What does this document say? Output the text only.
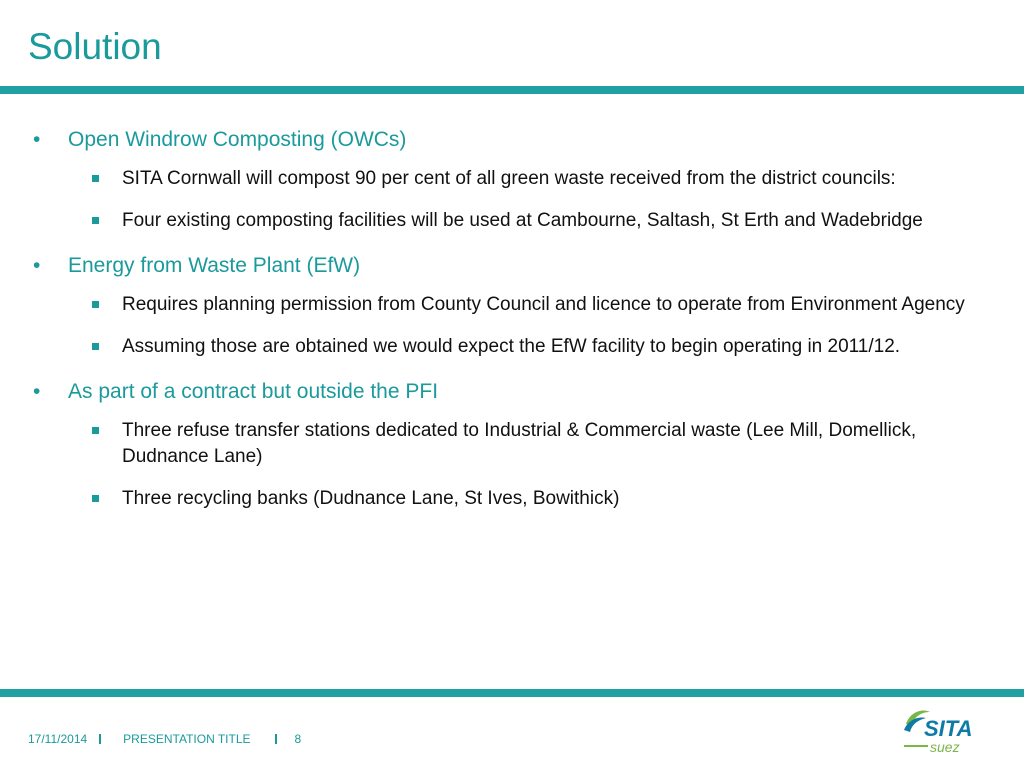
Solution
• Open Windrow Composting (OWCs)
SITA Cornwall will compost 90 per cent of all green waste received from the district councils:
Four existing composting facilities will be used at Cambourne, Saltash, St Erth and Wadebridge
• Energy from Waste Plant (EfW)
Requires planning permission from County Council and licence to operate from Environment Agency
Assuming those are obtained we would expect the EfW facility to begin operating in 2011/12.
• As part of a contract but outside the PFI
Three refuse transfer stations dedicated to Industrial & Commercial waste (Lee Mill, Domellick, Dudnance Lane)
Three recycling banks (Dudnance Lane, St Ives, Bowithick)
17/11/2014	PRESENTATION TITLE	8	SITA
suez
